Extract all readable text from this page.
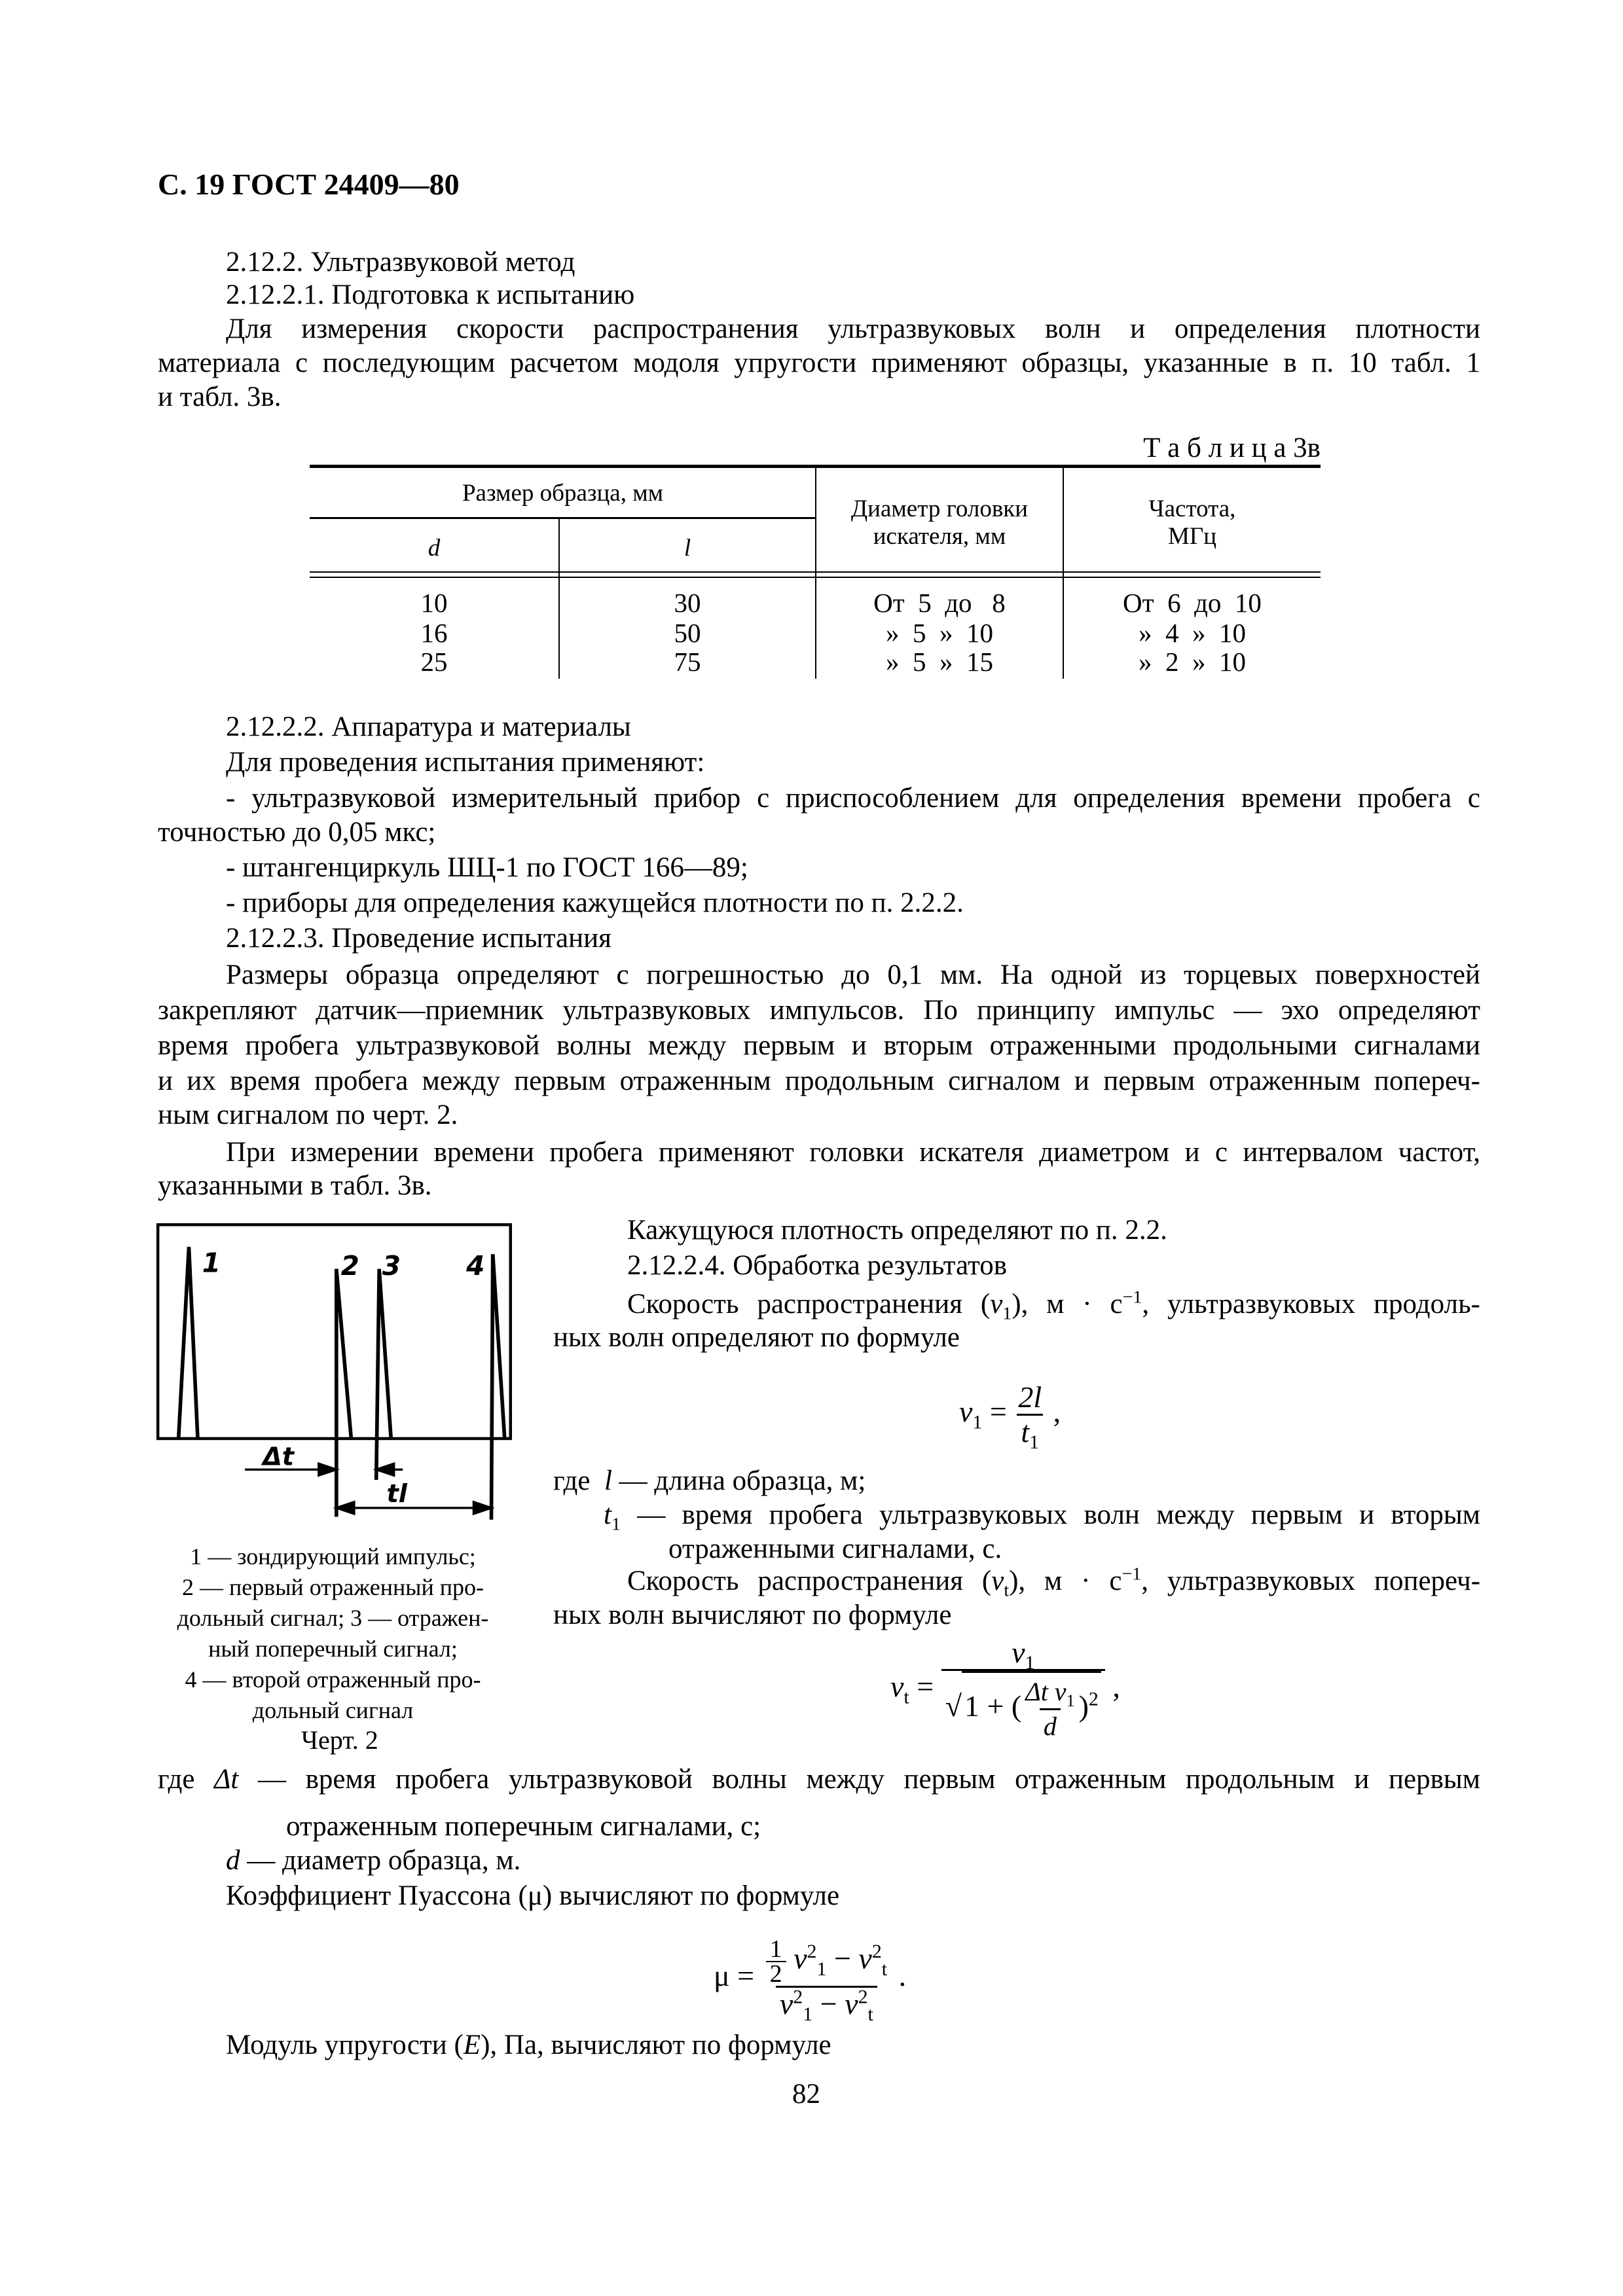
С. 19 ГОСТ 24409—80
2.12.2. Ультразвуковой метод
2.12.2.1. Подготовка к испытанию
Для измерения скорости распространения ультразвуковых волн и определения плотности
материала с последующим расчетом модоля упругости применяют образцы, указанные в п. 10 табл. 1
и табл. 3в.
Т а б л и ц а 3в
Размер образца, мм
d	l
Диаметр головки
искателя, мм
Частота,
МГц
10	30	От  5  до   8	От  6  до  10
16	50	»  5  »  10	»  4  »  10
25	75	»  5  »  15	»  2  »  10
2.12.2.2. Аппаратура и материалы
Для проведения испытания применяют:
- ультразвуковой измерительный прибор с приспособлением для определения времени пробега с
точностью до 0,05 мкс;
- штангенциркуль ШЦ-1 по ГОСТ 166—89;
- приборы для определения кажущейся плотности по п. 2.2.2.
2.12.2.3. Проведение испытания
Размеры образца определяют с погрешностью до 0,1 мм. На одной из торцевых поверхностей
закрепляют датчик—приемник ультразвуковых импульсов. По принципу импульс — эхо определяют
время пробега ультразвуковой волны между первым и вторым отраженными продольными сигналами
и их время пробега между первым отраженным продольным сигналом и первым отраженным попереч-
ным сигналом по черт. 2.
При измерении времени пробега применяют головки искателя диаметром и с интервалом частот,
указанными в табл. 3в.
1	2 3	4
Δt
tl
1 — зондирующий импульс;
2 — первый отраженный про-
дольный сигнал; 3 — отражен-
ный поперечный сигнал;
4 — второй отраженный про-
дольный сигнал
Черт. 2
Кажущуюся плотность определяют по п. 2.2.
2.12.2.4. Обработка результатов
Скорость распространения $(v_1)$, $м \cdot с^{-1}$, ультразвуковых продоль-
ных волн определяют по формуле
$v_1 = \frac{2l}{t_1}$ ,
где l — длина образца, м;
$t_1$ — время пробега ультразвуковых волн между первым и вторым
отраженными сигналами, с.
Скорость распространения $(v_t)$, $м \cdot с^{-1}$, ультразвуковых попереч-
ных волн вычисляют по формуле
$v_t = \frac{v_1}{√1 + ( \frac{\Delta t v_1}{d} )^2}$ ,
где Δt — время пробега ультразвуковой волны между первым отраженным продольным и первым
отраженным поперечным сигналами, с;
d — диаметр образца, м.
Коэффициент Пуассона (μ) вычисляют по формуле
$\mu = \frac{\frac{1}{2} v^2_1 - v^2_t}{v^2_1 - v^2_t}$ .
Модуль упругости (E), Па, вычисляют по формуле
82
